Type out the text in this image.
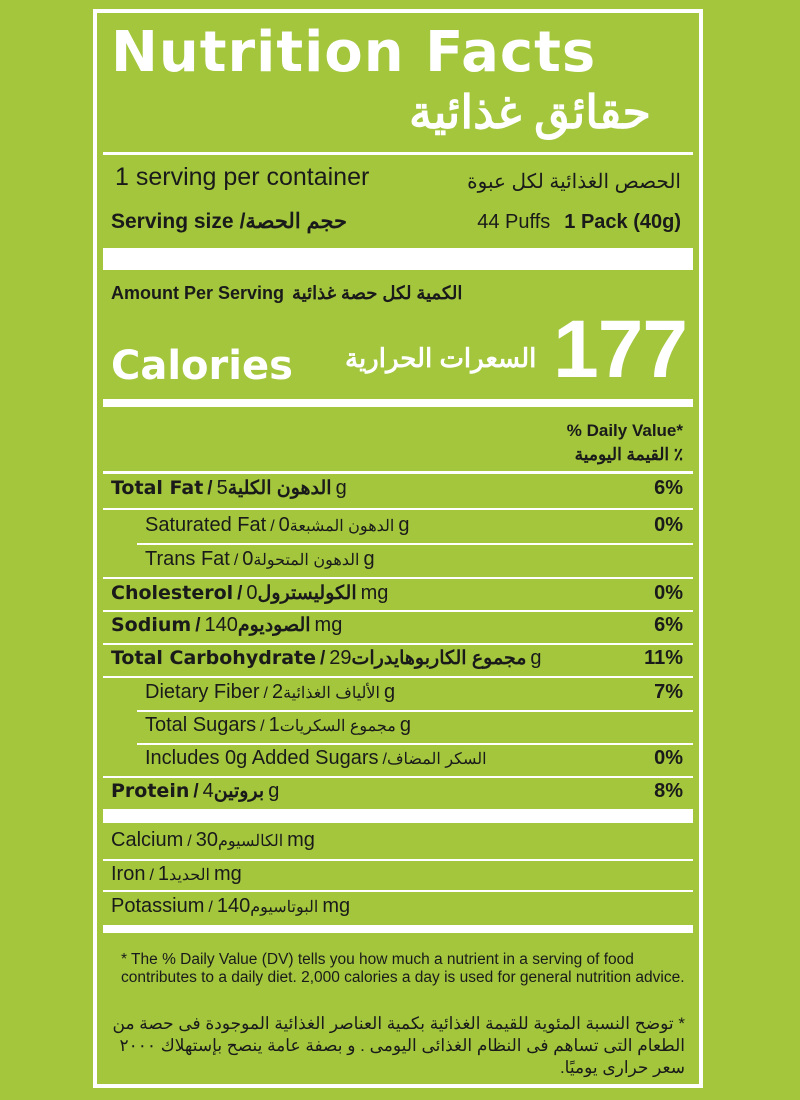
Nutrition Facts
حقائق غذائية
1 serving per container	الحصص الغذائية لكل عبوة
Serving size /حجم الحصة	44 Puffs 1 Pack (40g)
Amount Per Serving الكمية لكل حصة غذائية
Calories السعرات الحرارية 177
% Daily Value*
٪ القيمة اليومية
Total Fat /الدهون الكلية5g	6%
Saturated Fat /الدهون المشبعة0g	0%
Trans Fat /الدهون المتحولة0g
Cholesterol /الكوليسترول0mg	0%
Sodium /الصوديوم140mg	6%
Total Carbohydrate /مجموع الكاربوهايدرات29g	11%
Dietary Fiber /الألياف الغذائية2g	7%
Total Sugars /مجموع السكريات1g
Includes 0g Added Sugars /السكر المضاف	0%
Protein /بروتين4g	8%
Calcium /الكالسيوم30mg
Iron /الحديد1mg
Potassium /البوتاسيوم140mg
* The % Daily Value (DV) tells you how much a nutrient in a serving of food contributes to a daily diet. 2,000 calories a day is used for general nutrition advice.
* توضح النسبة المئوية للقيمة الغذائية بكمية العناصر الغذائية الموجودة فى حصة من الطعام التى تساهم فى النظام الغذائى اليومى . و بصفة عامة ينصح بإستهلاك ٢٠٠٠ سعر حرارى يوميًا.
